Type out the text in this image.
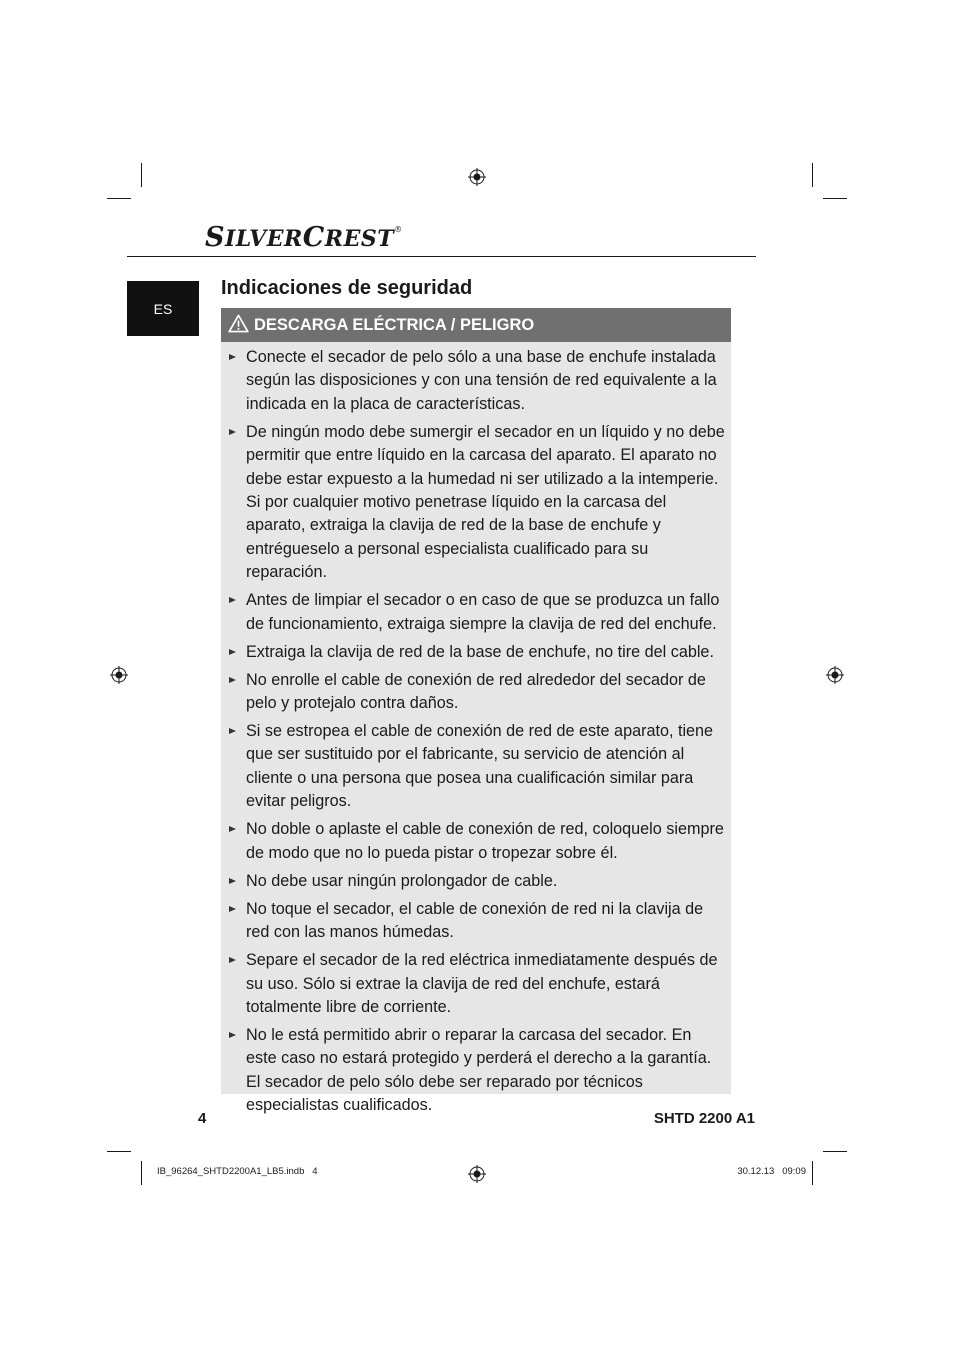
SILVERCREST®
ES
Indicaciones de seguridad
DESCARGA ELÉCTRICA / PELIGRO
Conecte el secador de pelo sólo a una base de enchufe instalada según las disposiciones y con una tensión de red equivalente a la indicada en la placa de características.
De ningún modo debe sumergir el secador en un líquido y no debe permitir que entre líquido en la carcasa del aparato. El aparato no debe estar expuesto a la humedad ni ser utilizado a la intemperie. Si por cualquier motivo penetrase líquido en la carcasa del aparato, extraiga la clavija de red de la base de enchufe y entrégueselo a personal especialista cualificado para su reparación.
Antes de limpiar el secador o en caso de que se produzca un fallo de funcionamiento, extraiga siempre la clavija de red del enchufe.
Extraiga la clavija de red de la base de enchufe, no tire del cable.
No enrolle el cable de conexión de red alrededor del secador de pelo y protejalo contra daños.
Si se estropea el cable de conexión de red de este aparato, tiene que ser sustituido por el fabricante, su servicio de atención al cliente o una persona que posea una cualificación similar para evitar peligros.
No doble o aplaste el cable de conexión de red, coloquelo siempre de modo que no lo pueda pistar o tropezar sobre él.
No debe usar ningún prolongador de cable.
No toque el secador, el cable de conexión de red ni la clavija de red con las manos húmedas.
Separe el secador de la red eléctrica inmediatamente después de su uso. Sólo si extrae la clavija de red del enchufe, estará totalmente libre de corriente.
No le está permitido abrir o reparar la carcasa del secador. En este caso no estará protegido y perderá el derecho a la garantía. El secador de pelo sólo debe ser reparado por técnicos especialistas cualificados.
4	SHTD 2200 A1
IB_96264_SHTD2200A1_LB5.indb   4	30.12.13   09:09
